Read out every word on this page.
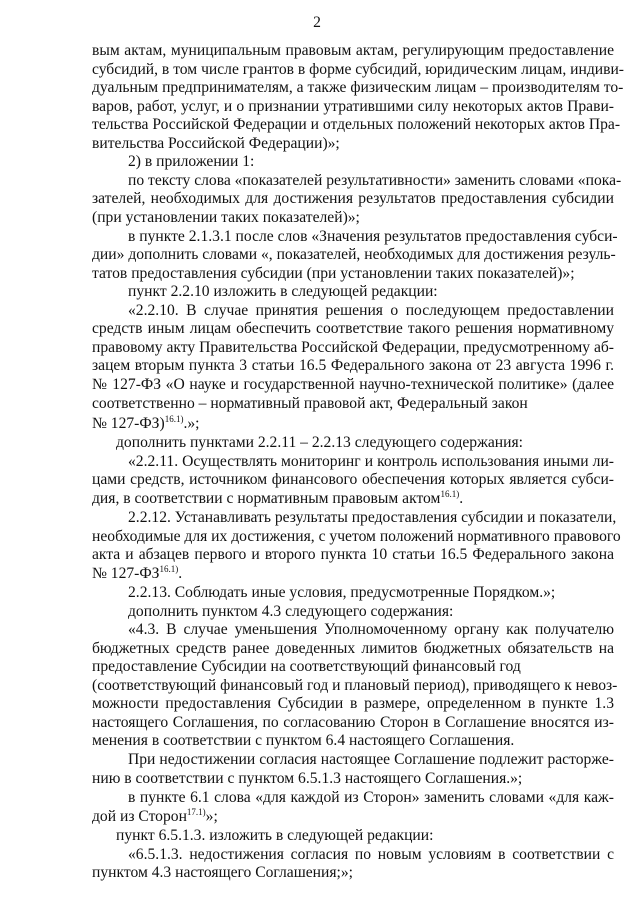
2
вым актам, муниципальным правовым актам, регулирующим предоставление
субсидий, в том числе грантов в форме субсидий, юридическим лицам, индиви-
дуальным предпринимателям, а также физическим лицам – производителям то-
варов, работ, услуг, и о признании утратившими силу некоторых актов Прави-
тельства Российской Федерации и отдельных положений некоторых актов Пра-
вительства Российской Федерации)»;
2) в приложении 1:
по тексту слова «показателей результативности» заменить словами «пока-
зателей, необходимых для достижения результатов предоставления субсидии
(при установлении таких показателей)»;
в пункте 2.1.3.1 после слов «Значения результатов предоставления субси-
дии» дополнить словами «, показателей, необходимых для достижения резуль-
татов предоставления субсидии (при установлении таких показателей)»;
пункт 2.2.10 изложить в следующей редакции:
«2.2.10. В случае принятия решения о последующем предоставлении
средств иным лицам обеспечить соответствие такого решения нормативному
правовому акту Правительства Российской Федерации, предусмотренному аб-
зацем вторым пункта 3 статьи 16.5 Федерального закона от 23 августа 1996 г.
№ 127-ФЗ «О науке и государственной научно-технической политике» (далее
соответственно – нормативный правовой акт, Федеральный закон
№ 127-ФЗ)$^{16.1)}$.»;
дополнить пунктами 2.2.11 – 2.2.13 следующего содержания:
«2.2.11. Осуществлять мониторинг и контроль использования иными ли-
цами средств, источником финансового обеспечения которых является субси-
дия, в соответствии с нормативным правовым актом$^{16.1)}$.
2.2.12. Устанавливать результаты предоставления субсидии и показатели,
необходимые для их достижения, с учетом положений нормативного правового
акта и абзацев первого и второго пункта 10 статьи 16.5 Федерального закона
№ $127-ФЗ^{16.1)}$.
2.2.13. Соблюдать иные условия, предусмотренные Порядком.»;
дополнить пунктом 4.3 следующего содержания:
«4.3. В случае уменьшения Уполномоченному органу как получателю
бюджетных средств ранее доведенных лимитов бюджетных обязательств на
предоставление Субсидии на соответствующий финансовый год
(соответствующий финансовый год и плановый период), приводящего к невоз-
можности предоставления Субсидии в размере, определенном в пункте 1.3
настоящего Соглашения, по согласованию Сторон в Соглашение вносятся из-
менения в соответствии с пунктом 6.4 настоящего Соглашения.
При недостижении согласия настоящее Соглашение подлежит расторже-
нию в соответствии с пунктом 6.5.1.3 настоящего Соглашения.»;
в пункте 6.1 слова «для каждой из Сторон» заменить словами «для каж-
дой из Сторон$^{17.1)}$»;
пункт 6.5.1.3. изложить в следующей редакции:
«6.5.1.3. недостижения согласия по новым условиям в соответствии с
пунктом 4.3 настоящего Соглашения;»;
